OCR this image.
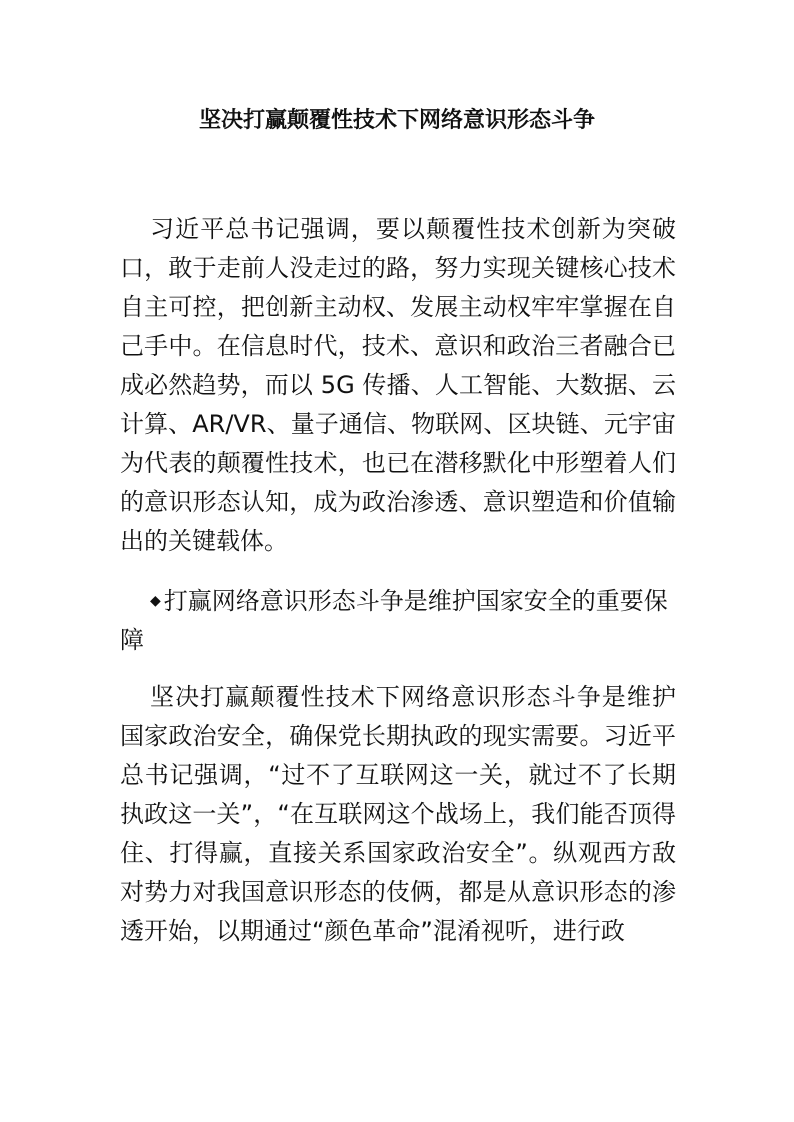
坚决打赢颠覆性技术下网络意识形态斗争

习近平总书记强调，要以颠覆性技术创新为突破口，敢于走前人没走过的路，努力实现关键核心技术自主可控，把创新主动权、发展主动权牢牢掌握在自己手中。在信息时代，技术、意识和政治三者融合已成必然趋势，而以 5G 传播、人工智能、大数据、云计算、AR/VR、量子通信、物联网、区块链、元宇宙为代表的颠覆性技术，也已在潜移默化中形塑着人们的意识形态认知，成为政治渗透、意识塑造和价值输出的关键载体。

◆ 打赢网络意识形态斗争是维护国家安全的重要保障

坚决打赢颠覆性技术下网络意识形态斗争是维护国家政治安全，确保党长期执政的现实需要。习近平总书记强调，“过不了互联网这一关，就过不了长期执政这一关”，“在互联网这个战场上，我们能否顶得住、打得赢，直接关系国家政治安全”。纵观西方敌对势力对我国意识形态的伎俩，都是从意识形态的渗透开始，以期通过“颜色革命”混淆视听，进行政
